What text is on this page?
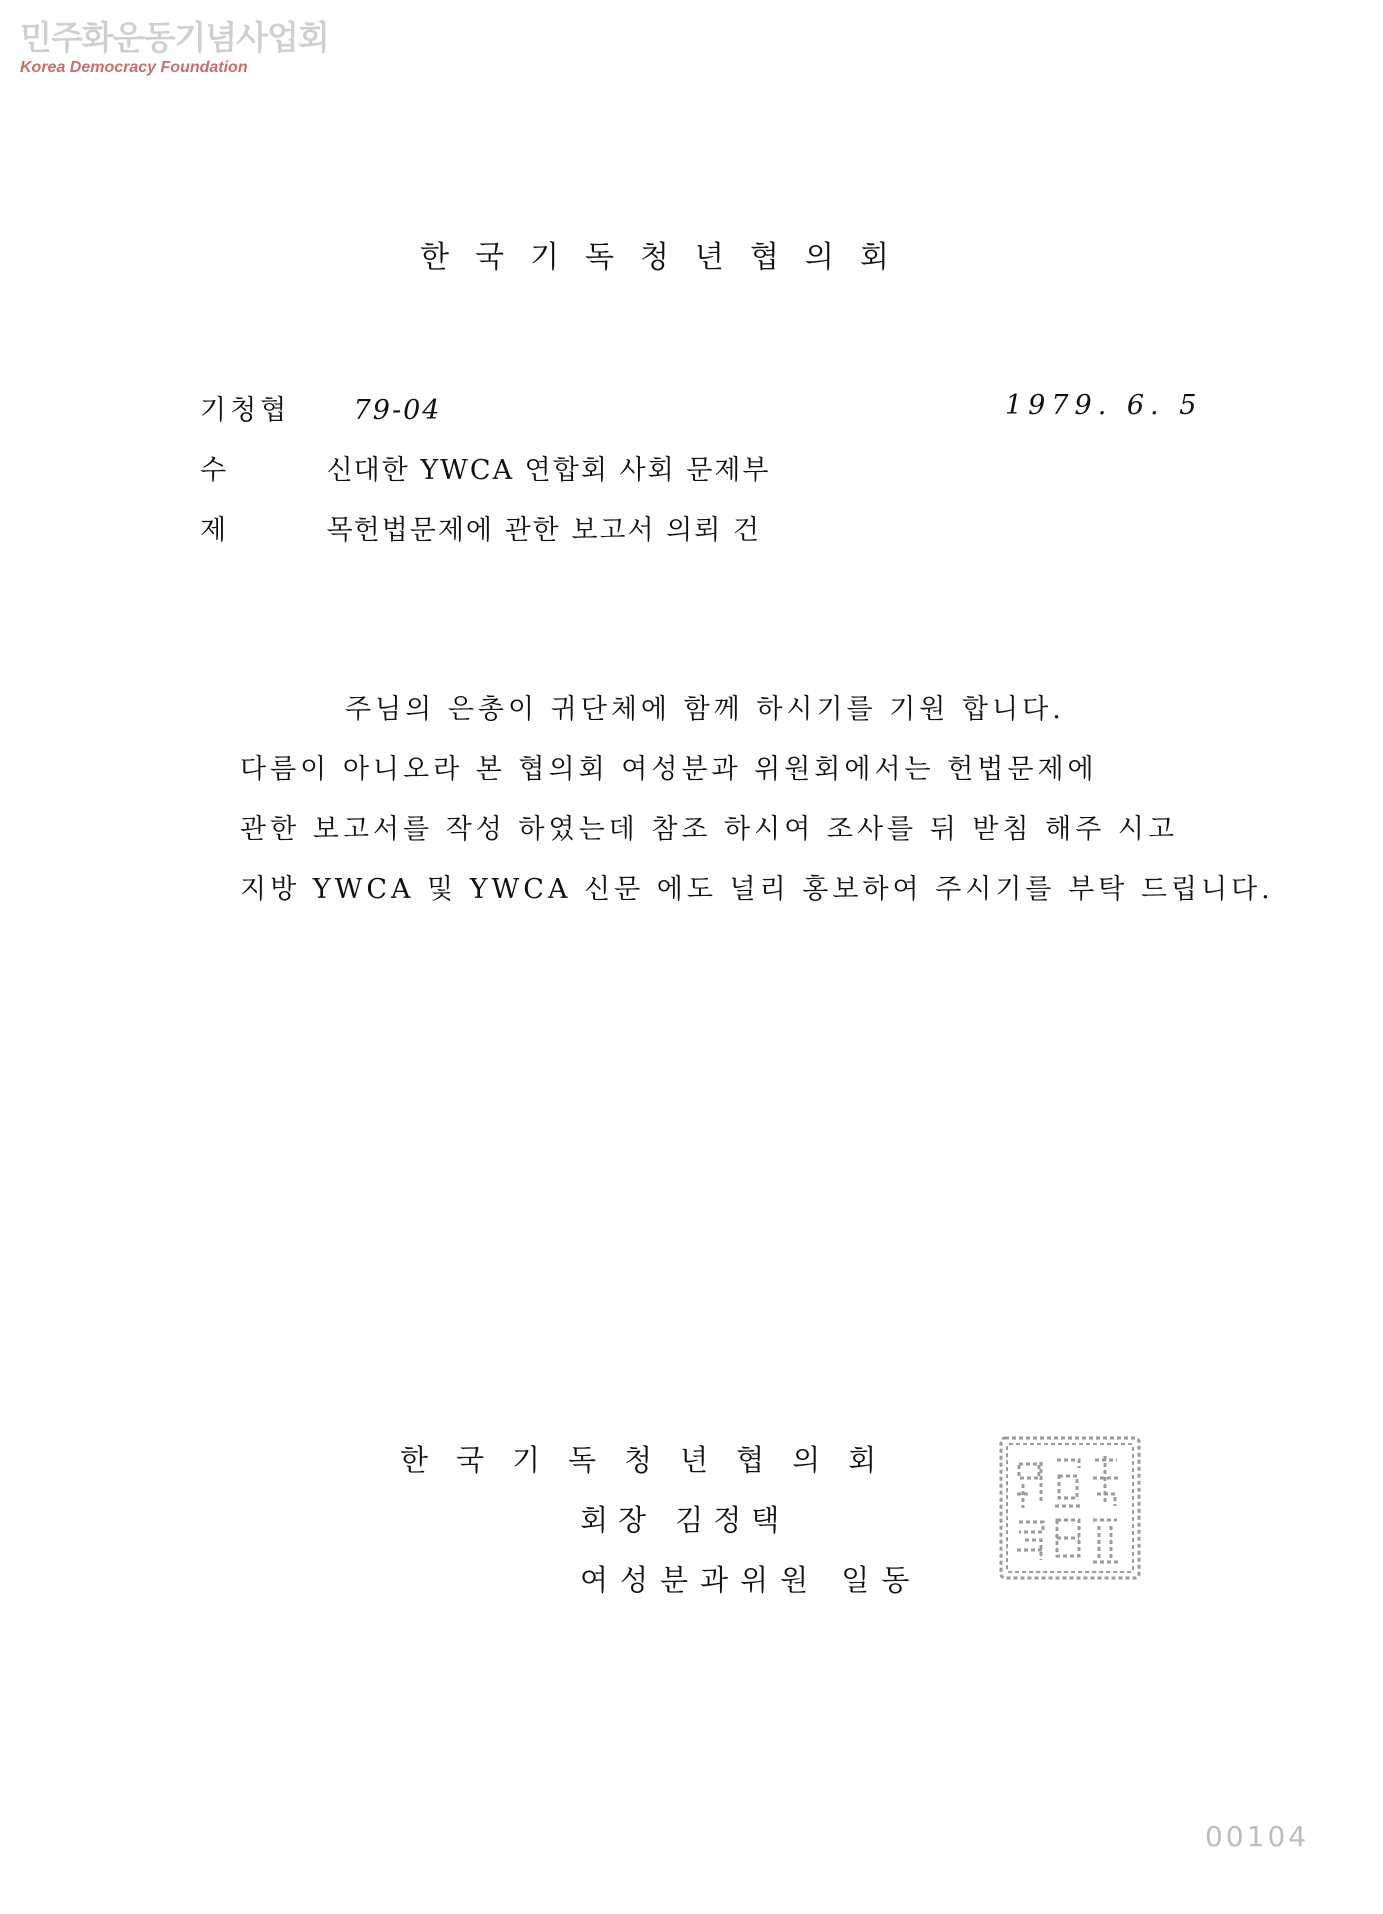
민주화운동기념사업회
Korea Democracy Foundation
한국기독청년협의회
기청협 79-04	1979. 6. 5
수 신 대한 YWCA 연합회 사회 문제부
제 목 헌법문제에 관한 보고서 의뢰 건
주님의 은총이 귀단체에 함께 하시기를 기원 합니다.
다름이 아니오라 본 협의회 여성분과 위원회에서는 헌법문제에
관한 보고서를 작성 하였는데 참조 하시여 조사를 뒤 받침 해주 시고
지방 YWCA 및 YWCA 신문 에도 널리 홍보하여 주시기를 부탁 드립니다.
한국기독청년협의회
회장 김정택
여성분과위원 일동
00104
